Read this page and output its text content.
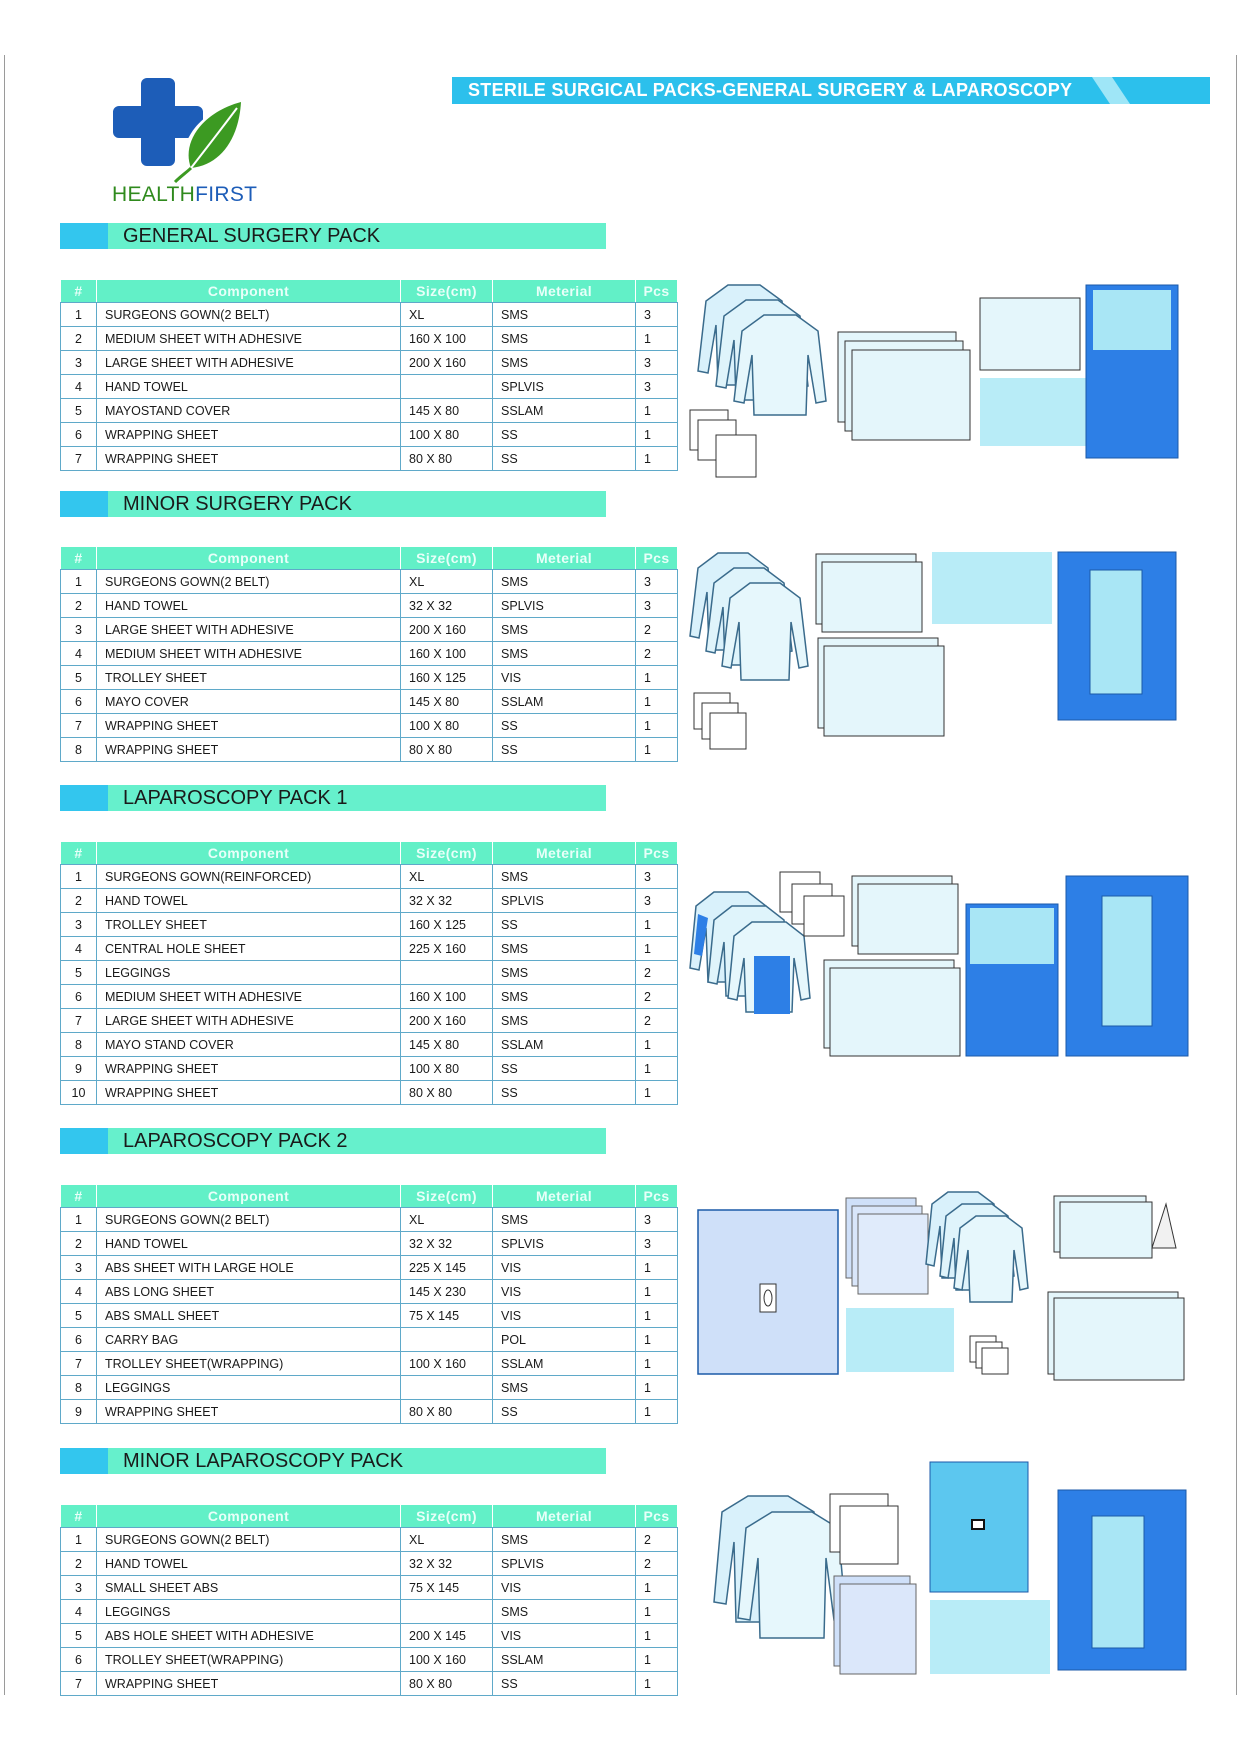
HEALTHFIRST
STERILE SURGICAL PACKS-GENERAL SURGERY & LAPAROSCOPY
GENERAL SURGERY PACK
#	Component	Size(cm)	Meterial	Pcs
1	SURGEONS GOWN(2 BELT)	XL	SMS	3
2	MEDIUM SHEET WITH ADHESIVE	160 X 100	SMS	1
3	LARGE SHEET WITH ADHESIVE	200 X 160	SMS	3
4	HAND TOWEL		SPLVIS	3
5	MAYOSTAND COVER	145 X 80	SSLAM	1
6	WRAPPING SHEET	100 X 80	SS	1
7	WRAPPING SHEET	80 X 80	SS	1
MINOR SURGERY PACK
#	Component	Size(cm)	Meterial	Pcs
1	SURGEONS GOWN(2 BELT)	XL	SMS	3
2	HAND TOWEL	32 X 32	SPLVIS	3
3	LARGE SHEET WITH ADHESIVE	200 X 160	SMS	2
4	MEDIUM SHEET WITH ADHESIVE	160 X 100	SMS	2
5	TROLLEY SHEET	160 X 125	VIS	1
6	MAYO COVER	145 X 80	SSLAM	1
7	WRAPPING SHEET	100 X 80	SS	1
8	WRAPPING SHEET	80 X 80	SS	1
LAPAROSCOPY PACK 1
#	Component	Size(cm)	Meterial	Pcs
1	SURGEONS GOWN(REINFORCED)	XL	SMS	3
2	HAND TOWEL	32 X 32	SPLVIS	3
3	TROLLEY SHEET	160 X 125	SS	1
4	CENTRAL HOLE SHEET	225 X 160	SMS	1
5	LEGGINGS		SMS	2
6	MEDIUM SHEET WITH ADHESIVE	160 X 100	SMS	2
7	LARGE SHEET WITH ADHESIVE	200 X 160	SMS	2
8	MAYO STAND COVER	145 X 80	SSLAM	1
9	WRAPPING SHEET	100 X 80	SS	1
10	WRAPPING SHEET	80 X 80	SS	1
LAPAROSCOPY PACK 2
#	Component	Size(cm)	Meterial	Pcs
1	SURGEONS GOWN(2 BELT)	XL	SMS	3
2	HAND TOWEL	32 X 32	SPLVIS	3
3	ABS SHEET WITH LARGE HOLE	225 X 145	VIS	1
4	ABS LONG SHEET	145 X 230	VIS	1
5	ABS SMALL SHEET	75 X 145	VIS	1
6	CARRY BAG		POL	1
7	TROLLEY SHEET(WRAPPING)	100 X 160	SSLAM	1
8	LEGGINGS		SMS	1
9	WRAPPING SHEET	80 X 80	SS	1
MINOR LAPAROSCOPY PACK
#	Component	Size(cm)	Meterial	Pcs
1	SURGEONS GOWN(2 BELT)	XL	SMS	2
2	HAND TOWEL	32 X 32	SPLVIS	2
3	SMALL SHEET ABS	75 X 145	VIS	1
4	LEGGINGS		SMS	1
5	ABS HOLE SHEET WITH ADHESIVE	200 X 145	VIS	1
6	TROLLEY SHEET(WRAPPING)	100 X 160	SSLAM	1
7	WRAPPING SHEET	80 X 80	SS	1
